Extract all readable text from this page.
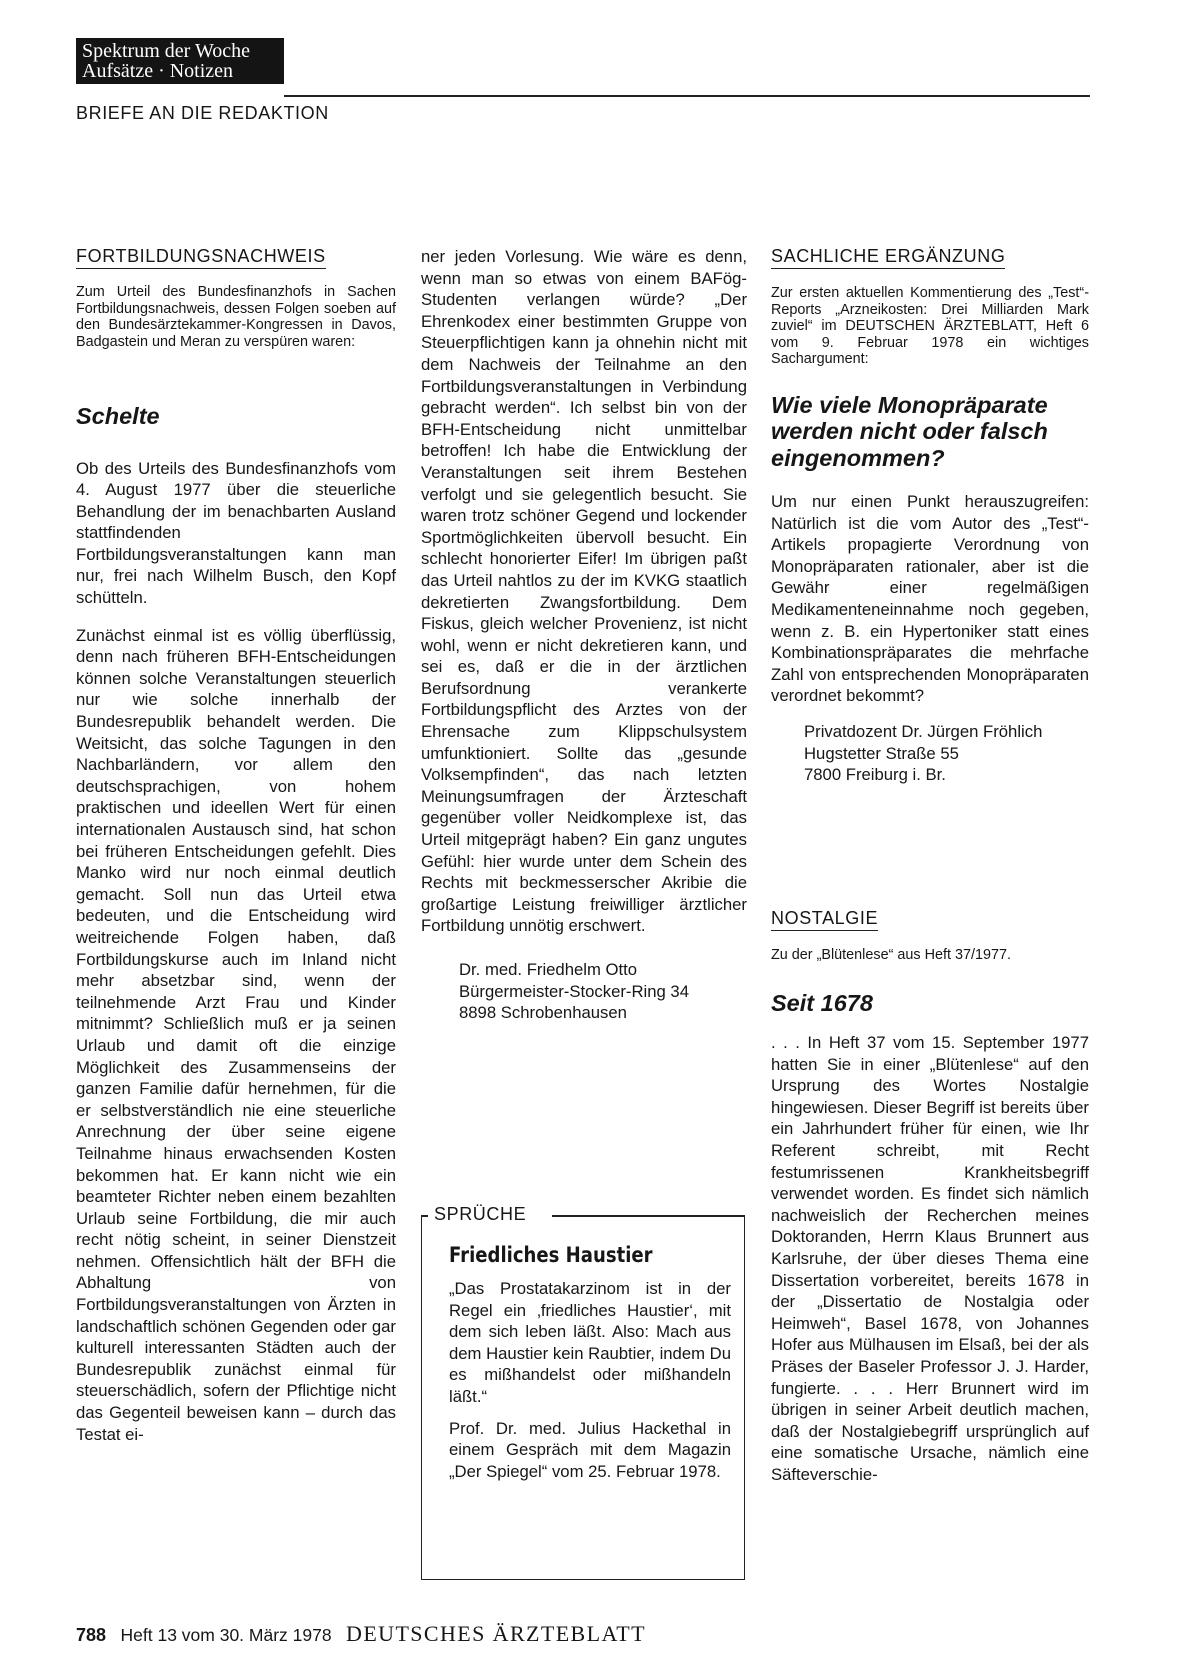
Spektrum der Woche
Aufsätze · Notizen
BRIEFE AN DIE REDAKTION
FORTBILDUNGSNACHWEIS

Zum Urteil des Bundesfinanzhofs in Sachen Fortbildungsnachweis, dessen Folgen soeben auf den Bundesärztekammer-Kongressen in Davos, Badgastein und Meran zu verspüren waren:

Schelte

Ob des Urteils des Bundesfinanzhofs vom 4. August 1977 über die steuerliche Behandlung der im benachbarten Ausland stattfindenden Fortbildungsveranstaltungen kann man nur, frei nach Wilhelm Busch, den Kopf schütteln.

Zunächst einmal ist es völlig überflüssig, denn nach früheren BFH-Entscheidungen können solche Veranstaltungen steuerlich nur wie solche innerhalb der Bundesrepublik behandelt werden. Die Weitsicht, das solche Tagungen in den Nachbarländern, vor allem den deutschsprachigen, von hohem praktischen und ideellen Wert für einen internationalen Austausch sind, hat schon bei früheren Entscheidungen gefehlt. Dies Manko wird nur noch einmal deutlich gemacht. Soll nun das Urteil etwa bedeuten, und die Entscheidung wird weitreichende Folgen haben, daß Fortbildungskurse auch im Inland nicht mehr absetzbar sind, wenn der teilnehmende Arzt Frau und Kinder mitnimmt? Schließlich muß er ja seinen Urlaub und damit oft die einzige Möglichkeit des Zusammenseins der ganzen Familie dafür hernehmen, für die er selbstverständlich nie eine steuerliche Anrechnung der über seine eigene Teilnahme hinaus erwachsenden Kosten bekommen hat. Er kann nicht wie ein beamteter Richter neben einem bezahlten Urlaub seine Fortbildung, die mir auch recht nötig scheint, in seiner Dienstzeit nehmen. Offensichtlich hält der BFH die Abhaltung von Fortbildungsveranstaltungen von Ärzten in landschaftlich schönen Gegenden oder gar kulturell interessanten Städten auch der Bundesrepublik zunächst einmal für steuerschädlich, sofern der Pflichtige nicht das Gegenteil beweisen kann – durch das Testat ei-

ner jeden Vorlesung. Wie wäre es denn, wenn man so etwas von einem BAFög-Studenten verlangen würde? „Der Ehrenkodex einer bestimmten Gruppe von Steuerpflichtigen kann ja ohnehin nicht mit dem Nachweis der Teilnahme an den Fortbildungsveranstaltungen in Verbindung gebracht werden“. Ich selbst bin von der BFH-Entscheidung nicht unmittelbar betroffen! Ich habe die Entwicklung der Veranstaltungen seit ihrem Bestehen verfolgt und sie gelegentlich besucht. Sie waren trotz schöner Gegend und lockender Sportmöglichkeiten übervoll besucht. Ein schlecht honorierter Eifer! Im übrigen paßt das Urteil nahtlos zu der im KVKG staatlich dekretierten Zwangsfortbildung. Dem Fiskus, gleich welcher Provenienz, ist nicht wohl, wenn er nicht dekretieren kann, und sei es, daß er die in der ärztlichen Berufsordnung verankerte Fortbildungspflicht des Arztes von der Ehrensache zum Klippschulsystem umfunktioniert. Sollte das „gesunde Volksempfinden“, das nach letzten Meinungsumfragen der Ärzteschaft gegenüber voller Neidkomplexe ist, das Urteil mitgeprägt haben? Ein ganz ungutes Gefühl: hier wurde unter dem Schein des Rechts mit beckmesserscher Akribie die großartige Leistung freiwilliger ärztlicher Fortbildung unnötig erschwert.

Dr. med. Friedhelm Otto
Bürgermeister-Stocker-Ring 34
8898 Schrobenhausen
SPRÜCHE
Friedliches Haustier

„Das Prostatakarzinom ist in der Regel ein ‚friedliches Haustier‘, mit dem sich leben läßt. Also: Mach aus dem Haustier kein Raubtier, indem Du es mißhandelst oder mißhandeln läßt.“

Prof. Dr. med. Julius Hackethal in einem Gespräch mit dem Magazin „Der Spiegel“ vom 25. Februar 1978.

SACHLICHE ERGÄNZUNG

Zur ersten aktuellen Kommentierung des „Test“-Reports „Arzneikosten: Drei Milliarden Mark zuviel“ im DEUTSCHEN ÄRZTEBLATT, Heft 6 vom 9. Februar 1978 ein wichtiges Sachargument:

Wie viele Monopräparate werden nicht oder falsch eingenommen?

Um nur einen Punkt herauszugreifen: Natürlich ist die vom Autor des „Test“-Artikels propagierte Verordnung von Monopräparaten rationaler, aber ist die Gewähr einer regelmäßigen Medikamenteneinnahme noch gegeben, wenn z. B. ein Hypertoniker statt eines Kombinationspräparates die mehrfache Zahl von entsprechenden Monopräparaten verordnet bekommt?

Privatdozent Dr. Jürgen Fröhlich
Hugstetter Straße 55
7800 Freiburg i. Br.
NOSTALGIE

Zu der „Blütenlese“ aus Heft 37/1977.

Seit 1678

. . . In Heft 37 vom 15. September 1977 hatten Sie in einer „Blütenlese“ auf den Ursprung des Wortes Nostalgie hingewiesen. Dieser Begriff ist bereits über ein Jahrhundert früher für einen, wie Ihr Referent schreibt, mit Recht festumrissenen Krankheitsbegriff verwendet worden. Es findet sich nämlich nachweislich der Recherchen meines Doktoranden, Herrn Klaus Brunnert aus Karlsruhe, der über dieses Thema eine Dissertation vorbereitet, bereits 1678 in der „Dissertatio de Nostalgia oder Heimweh“, Basel 1678, von Johannes Hofer aus Mülhausen im Elsaß, bei der als Präses der Baseler Professor J. J. Harder, fungierte. . . . Herr Brunnert wird im übrigen in seiner Arbeit deutlich machen, daß der Nostalgiebegriff ursprünglich auf eine somatische Ursache, nämlich eine Säfteverschie-

788 Heft 13 vom 30. März 1978 DEUTSCHES ÄRZTEBLATT
